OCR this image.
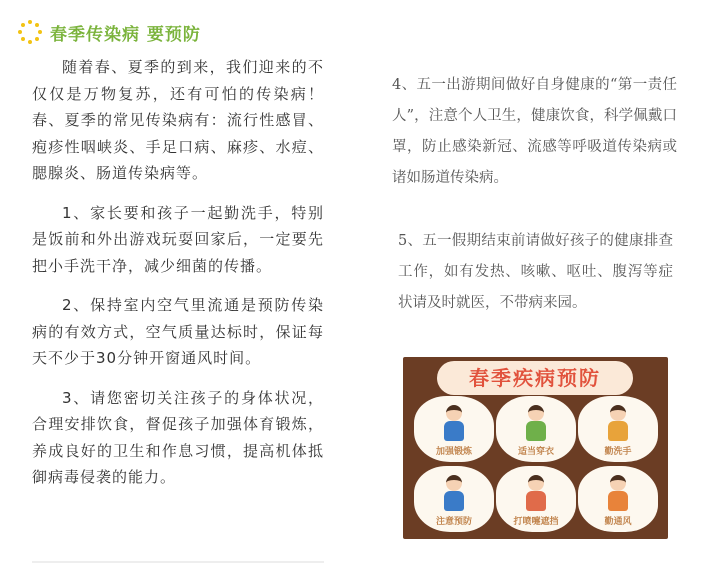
春季传染病 要预防

随着春、夏季的到来，我们迎来的不仅仅是万物复苏，还有可怕的传染病！春、夏季的常见传染病有：流行性感冒、疱疹性咽峡炎、手足口病、麻疹、水痘、腮腺炎、肠道传染病等。

1、家长要和孩子一起勤洗手，特别是饭前和外出游戏玩耍回家后，一定要先把小手洗干净，减少细菌的传播。

2、保持室内空气里流通是预防传染病的有效方式，空气质量达标时，保证每天不少于30分钟开窗通风时间。

3、请您密切关注孩子的身体状况，合理安排饮食，督促孩子加强体育锻炼，养成良好的卫生和作息习惯，提高机体抵御病毒侵袭的能力。

4、五一出游期间做好自身健康的“第一责任人”，注意个人卫生，健康饮食，科学佩戴口罩，防止感染新冠、流感等呼吸道传染病或诸如肠道传染病。

5、五一假期结束前请做好孩子的健康排查工作，如有发热、咳嗽、呕吐、腹泻等症状请及时就医，不带病来园。

春季疾病预防
加强锻炼	适当穿衣	勤洗手
注意预防	打喷嚏遮挡	勤通风
